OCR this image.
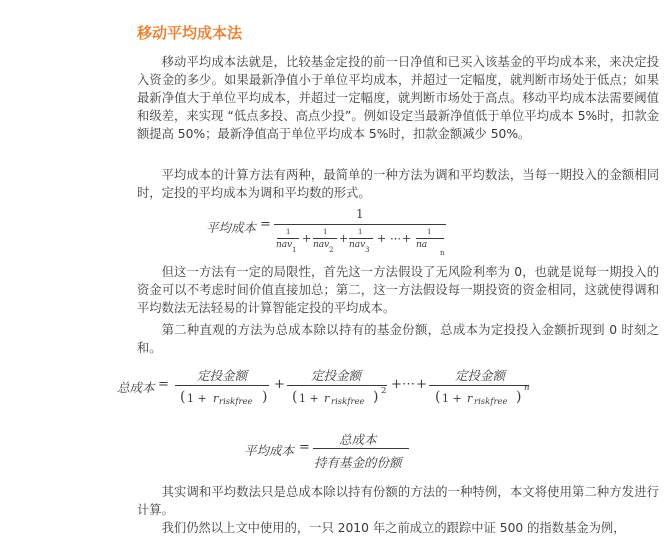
移动平均成本法

移动平均成本法就是，比较基金定投的前一日净值和已买入该基金的平均成本来，来决定投入资金的多少。如果最新净值小于单位平均成本，并超过一定幅度，就判断市场处于低点；如果最新净值大于单位平均成本，并超过一定幅度，就判断市场处于高点。移动平均成本法需要阈值和级差，来实现 “低点多投、高点少投”。例如设定当最新净值低于单位平均成本 5%时，扣款金额提高 50%；最新净值高于单位平均成本 5%时，扣款金额减少 50%。

平均成本的计算方法有两种，最简单的一种方法为调和平均数法，当每一期投入的金额相同时，定投的平均成本为调和平均数的形式。

平均成本 =
1
1
nav 1
+ 1
nav 2
+ 1
nav 3
+ ⋯ + 1
na
n

但这一方法有一定的局限性，首先这一方法假设了无风险利率为 0，也就是说每一期投入的资金可以不考虑时间价值直接加总；第二，这一方法假设每一期投资的资金相同，这就使得调和平均数法无法轻易的计算智能定投的平均成本。

第二种直观的方法为总成本除以持有的基金份额，总成本为定投投入金额折现到 0 时刻之和。

总成本 =
定投金额
( 1 + r riskfree )
+
定投金额
( 1 + r riskfree ) 2 + ⋯ +
定投金额
( 1 + r riskfree )
n
平均成本 =
总成本
持有基金的份额

其实调和平均数法只是总成本除以持有份额的方法的一种特例，本文将使用第二种方发进行计算。

我们仍然以上文中使用的，一只 2010 年之前成立的跟踪中证 500 的指数基金为例，
